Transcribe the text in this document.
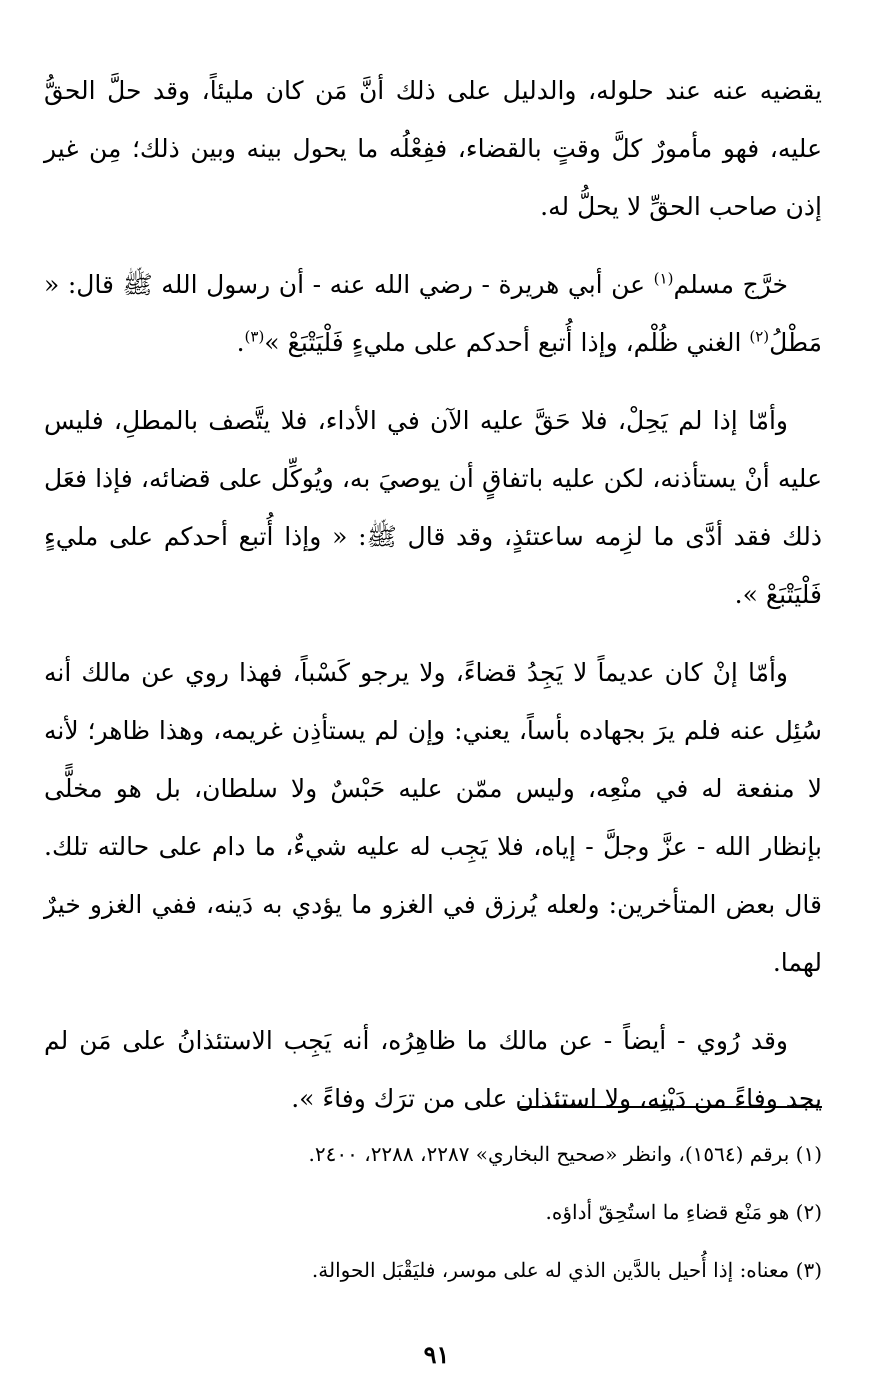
يقضيه عنه عند حلوله، والدليل على ذلك أنَّ مَن كان مليئاً، وقد حلَّ الحقُّ عليه، فهو مأمورٌ كلَّ وقتٍ بالقضاء، ففِعْلُه ما يحول بينه وبين ذلك؛ مِن غير إذن صاحب الحقِّ لا يحلُّ له.

خرَّج مسلم$^{(١)}$ عن أبي هريرة - رضي الله عنه - أن رسول الله ﷺ قال: « مَطْلُ$^{(٢)}$ الغني ظُلْم، وإذا أُتبع أحدكم على مليءٍ فَلْيَتْبَعْ »$^{(٣)}$.

وأمّا إذا لم يَحِلْ، فلا حَقَّ عليه الآن في الأداء، فلا يتَّصف بالمطلِ، فليس عليه أنْ يستأذنه، لكن عليه باتفاقٍ أن يوصيَ به، ويُوكِّل على قضائه، فإذا فعَل ذلك فقد أدَّى ما لزِمه ساعتئذٍ، وقد قال ﷺ: « وإذا أُتبع أحدكم على مليءٍ فَلْيَتْبَعْ ».

وأمّا إنْ كان عديماً لا يَجِدُ قضاءً، ولا يرجو كَسْباً، فهذا روي عن مالك أنه سُئِل عنه فلم يرَ بجهاده بأساً، يعني: وإن لم يستأذِن غريمه، وهذا ظاهر؛ لأنه لا منفعة له في منْعِه، وليس ممّن عليه حَبْسٌ ولا سلطان، بل هو مخلًّى بإنظار الله - عزَّ وجلَّ - إياه، فلا يَجِب له عليه شيءٌ، ما دام على حالته تلك. قال بعض المتأخرين: ولعله يُرزق في الغزو ما يؤدي به دَينه، ففي الغزو خيرٌ لهما.

وقد رُوي - أيضاً - عن مالك ما ظاهِرُه، أنه يَجِب الاستئذانُ على مَن لم يجد وفاءً من دَيْنِه، ولا استئذان على من ترَك وفاءً ».

(١) برقم (١٥٦٤)، وانظر «صحيح البخاري» ٢٢٨٧، ٢٢٨٨، ٢٤٠٠.
(٢) هو مَنْع قضاءِ ما استُحِقّ أداؤه.
(٣) معناه: إذا أُحيل بالدَّين الذي له على موسر، فليَقْبَل الحوالة.
٩١
